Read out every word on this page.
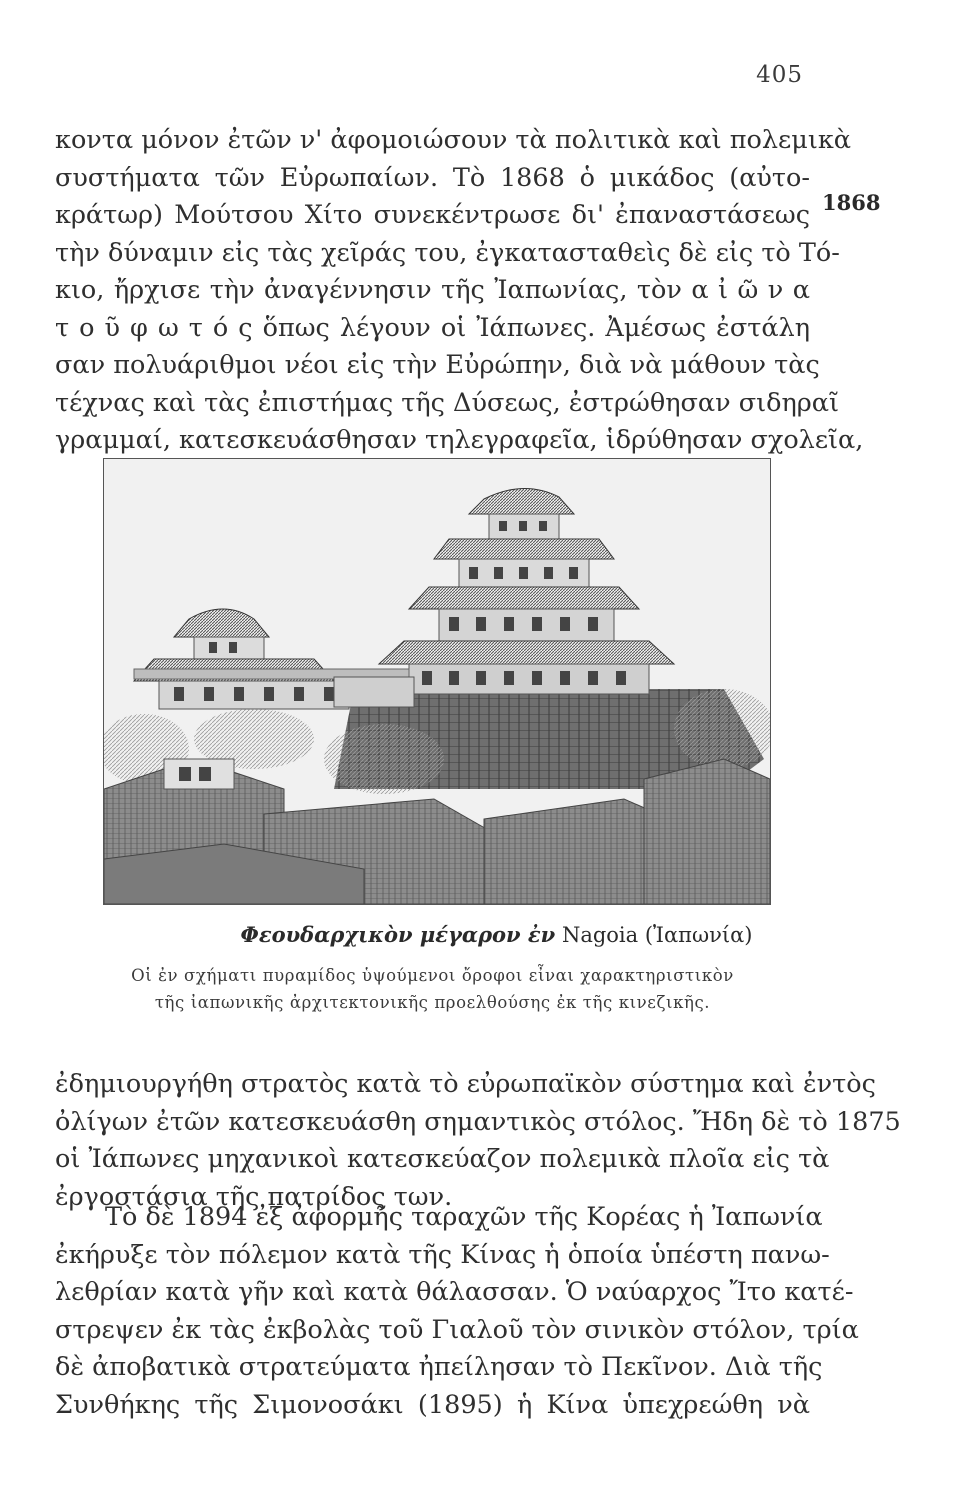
405
1868
κοντα μόνον ἐτῶν ν' ἀφομοιώσουν τὰ πολιτικὰ καὶ πολεμικὰ
συστήματα τῶν Εὐρωπαίων. Τὸ 1868 ὁ μικάδος (αὐτο-
κράτωρ) Μούτσου Χίτο συνεκέντρωσε δι' ἐπαναστάσεως
τὴν δύναμιν εἰς τὰς χεῖράς του, ἐγκατασταθεὶς δὲ εἰς τὸ Τό-
κιο, ἤρχισε τὴν ἀναγέννησιν τῆς Ἰαπωνίας, τὸν α ἰ ῶ ν α
τ ο ῦ φ ω τ ό ς ὅπως λέγουν οἱ Ἰάπωνες. Ἀμέσως ἐστάλη
σαν πολυάριθμοι νέοι εἰς τὴν Εὐρώπην, διὰ νὰ μάθουν τὰς
τέχνας καὶ τὰς ἐπιστήμας τῆς Δύσεως, ἐστρώθησαν σιδηραῖ
γραμμαί, κατεσκευάσθησαν τηλεγραφεῖα, ἱδρύθησαν σχολεῖα,
Φεουδαρχικὸν μέγαρον ἐν Nagoia (Ἰαπωνία)
Οἱ ἐν σχήματι πυραμίδος ὑψούμενοι ὄροφοι εἶναι χαρακτηριστικὸν
τῆς ἰαπωνικῆς ἀρχιτεκτονικῆς προελθούσης ἐκ τῆς κινεζικῆς.
ἐδημιουργήθη στρατὸς κατὰ τὸ εὐρωπαϊκὸν σύστημα καὶ ἐντὸς
ὀλίγων ἐτῶν κατεσκευάσθη σημαντικὸς στόλος. Ἤδη δὲ τὸ 1875
οἱ Ἰάπωνες μηχανικοὶ κατεσκεύαζον πολεμικὰ πλοῖα εἰς τὰ
ἐργοστάσια τῆς πατρίδος των.
Τὸ δὲ 1894 ἐξ ἀφορμῆς ταραχῶν τῆς Κορέας ἡ Ἰαπωνία
ἐκήρυξε τὸν πόλεμον κατὰ τῆς Κίνας ἡ ὁποία ὑπέστη πανω-
λεθρίαν κατὰ γῆν καὶ κατὰ θάλασσαν. Ὁ ναύαρχος Ἴτο κατέ-
στρεψεν ἐκ τὰς ἐκβολὰς τοῦ Γιαλοῦ τὸν σινικὸν στόλον, τρία
δὲ ἀποβατικὰ στρατεύματα ἠπείλησαν τὸ Πεκῖνον. Διὰ τῆς
Συνθήκης τῆς Σιμονοσάκι (1895) ἡ Κίνα ὑπεχρεώθη νὰ
